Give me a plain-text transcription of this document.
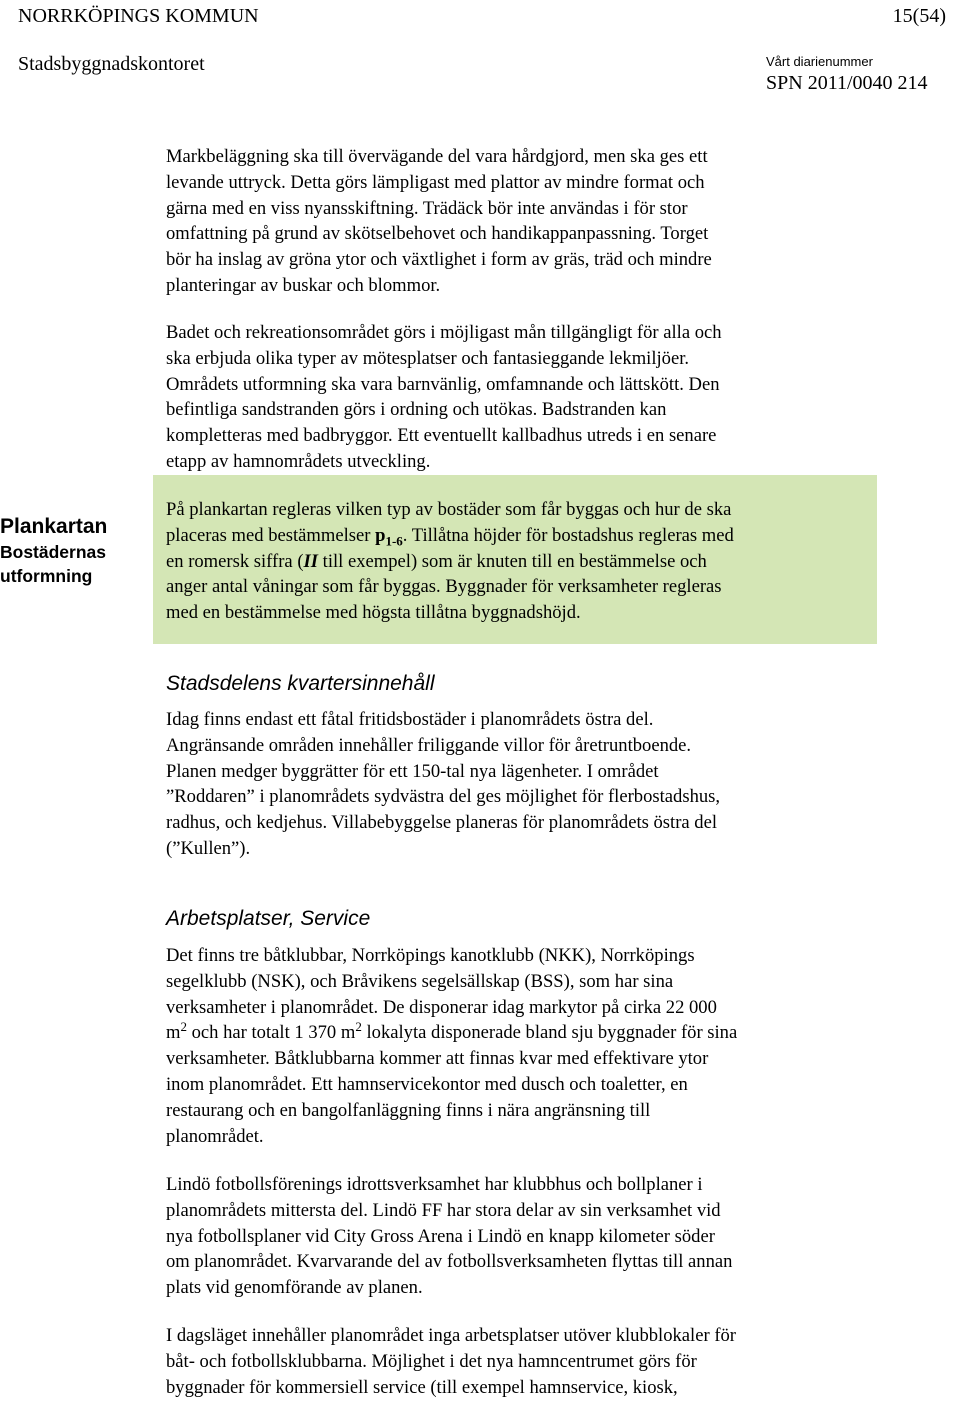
NORRKÖPINGS KOMMUN	15(54)
Stadsbyggnadskontoret	Vårt diarienummer
SPN 2011/0040 214
Markbeläggning ska till övervägande del vara hårdgjord, men ska ges ett
levande uttryck. Detta görs lämpligast med plattor av mindre format och
gärna med en viss nyansskiftning. Trädäck bör inte användas i för stor
omfattning på grund av skötselbehovet och handikappanpassning. Torget
bör ha inslag av gröna ytor och växtlighet i form av gräs, träd och mindre
planteringar av buskar och blommor.
Badet och rekreationsområdet görs i möjligast mån tillgängligt för alla och
ska erbjuda olika typer av mötesplatser och fantasieggande lekmiljöer.
Områdets utformning ska vara barnvänlig, omfamnande och lättskött. Den
befintliga sandstranden görs i ordning och utökas. Badstranden kan
kompletteras med badbryggor. Ett eventuellt kallbadhus utreds i en senare
etapp av hamnområdets utveckling.
Plankartan
Bostädernas
utformning
På plankartan regleras vilken typ av bostäder som får byggas och hur de ska
placeras med bestämmelser $p_{1-6}$. Tillåtna höjder för bostadshus regleras med
en romersk siffra (II till exempel) som är knuten till en bestämmelse och
anger antal våningar som får byggas. Byggnader för verksamheter regleras
med en bestämmelse med högsta tillåtna byggnadshöjd.
Stadsdelens kvartersinnehåll
Idag finns endast ett fåtal fritidsbostäder i planområdets östra del.
Angränsande områden innehåller friliggande villor för åretruntboende.
Planen medger byggrätter för ett 150-tal nya lägenheter. I området
”Roddaren” i planområdets sydvästra del ges möjlighet för flerbostadshus,
radhus, och kedjehus. Villabebyggelse planeras för planområdets östra del
(”Kullen”).
Arbetsplatser, Service
Det finns tre båtklubbar, Norrköpings kanotklubb (NKK), Norrköpings
segelklubb (NSK), och Bråvikens segelsällskap (BSS), som har sina
verksamheter i planområdet. De disponerar idag markytor på cirka 22 000
$m^2$ och har totalt 1 370 $m^2$ lokalyta disponerade bland sju byggnader för sina
verksamheter. Båtklubbarna kommer att finnas kvar med effektivare ytor
inom planområdet. Ett hamnservicekontor med dusch och toaletter, en
restaurang och en bangolfanläggning finns i nära angränsning till
planområdet.
Lindö fotbollsförenings idrottsverksamhet har klubbhus och bollplaner i
planområdets mittersta del. Lindö FF har stora delar av sin verksamhet vid
nya fotbollsplaner vid City Gross Arena i Lindö en knapp kilometer söder
om planområdet. Kvarvarande del av fotbollsverksamheten flyttas till annan
plats vid genomförande av planen.
I dagsläget innehåller planområdet inga arbetsplatser utöver klubblokaler för
båt- och fotbollsklubbarna. Möjlighet i det nya hamncentrumet görs för
byggnader för kommersiell service (till exempel hamnservice, kiosk,
